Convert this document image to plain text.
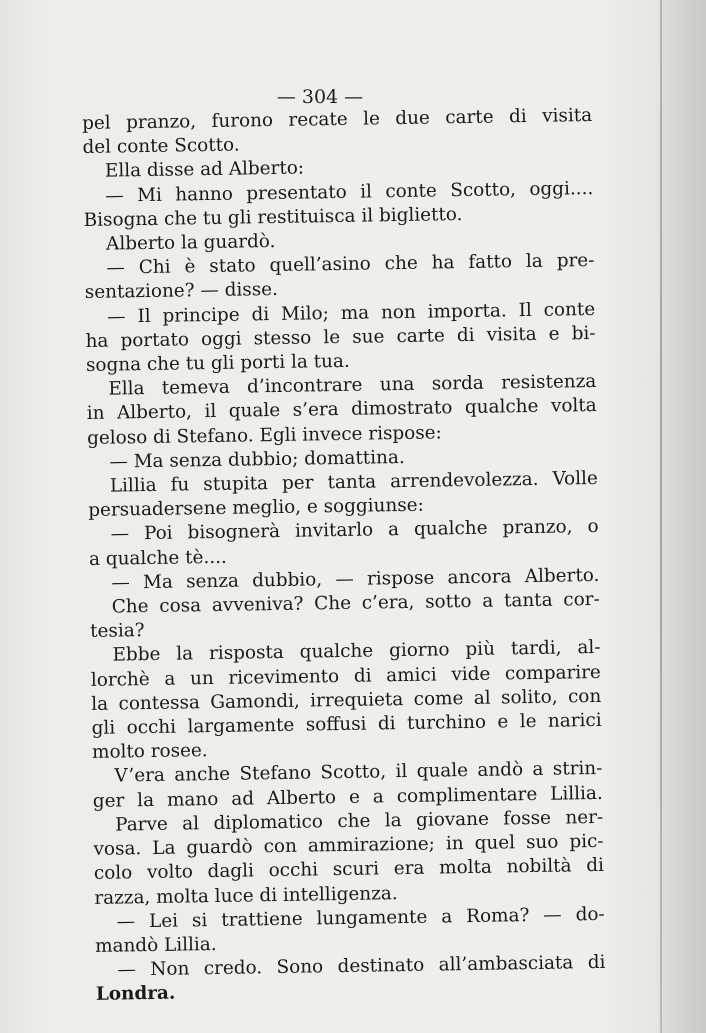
— 304 —
pel pranzo, furono recate le due carte di visita
del conte Scotto.
Ella disse ad Alberto:
— Mi hanno presentato il conte Scotto, oggi....
Bisogna che tu gli restituisca il biglietto.
Alberto la guardò.
— Chi è stato quell’asino che ha fatto la pre-
sentazione? — disse.
— Il principe di Milo; ma non importa. Il conte
ha portato oggi stesso le sue carte di visita e bi-
sogna che tu gli porti la tua.
Ella temeva d’incontrare una sorda resistenza
in Alberto, il quale s’era dimostrato qualche volta
geloso di Stefano. Egli invece rispose:
— Ma senza dubbio; domattina.
Lillia fu stupita per tanta arrendevolezza. Volle
persuadersene meglio, e soggiunse:
— Poi bisognerà invitarlo a qualche pranzo, o
a qualche tè....
— Ma senza dubbio, — rispose ancora Alberto.
Che cosa avveniva? Che c’era, sotto a tanta cor-
tesia?
Ebbe la risposta qualche giorno più tardi, al-
lorchè a un ricevimento di amici vide comparire
la contessa Gamondi, irrequieta come al solito, con
gli occhi largamente soffusi di turchino e le narici
molto rosee.
V’era anche Stefano Scotto, il quale andò a strin-
ger la mano ad Alberto e a complimentare Lillia.
Parve al diplomatico che la giovane fosse ner-
vosa. La guardò con ammirazione; in quel suo pic-
colo volto dagli occhi scuri era molta nobiltà di
razza, molta luce di intelligenza.
— Lei si trattiene lungamente a Roma? — do-
mandò Lillia.
— Non credo. Sono destinato all’ambasciata di
Londra.
